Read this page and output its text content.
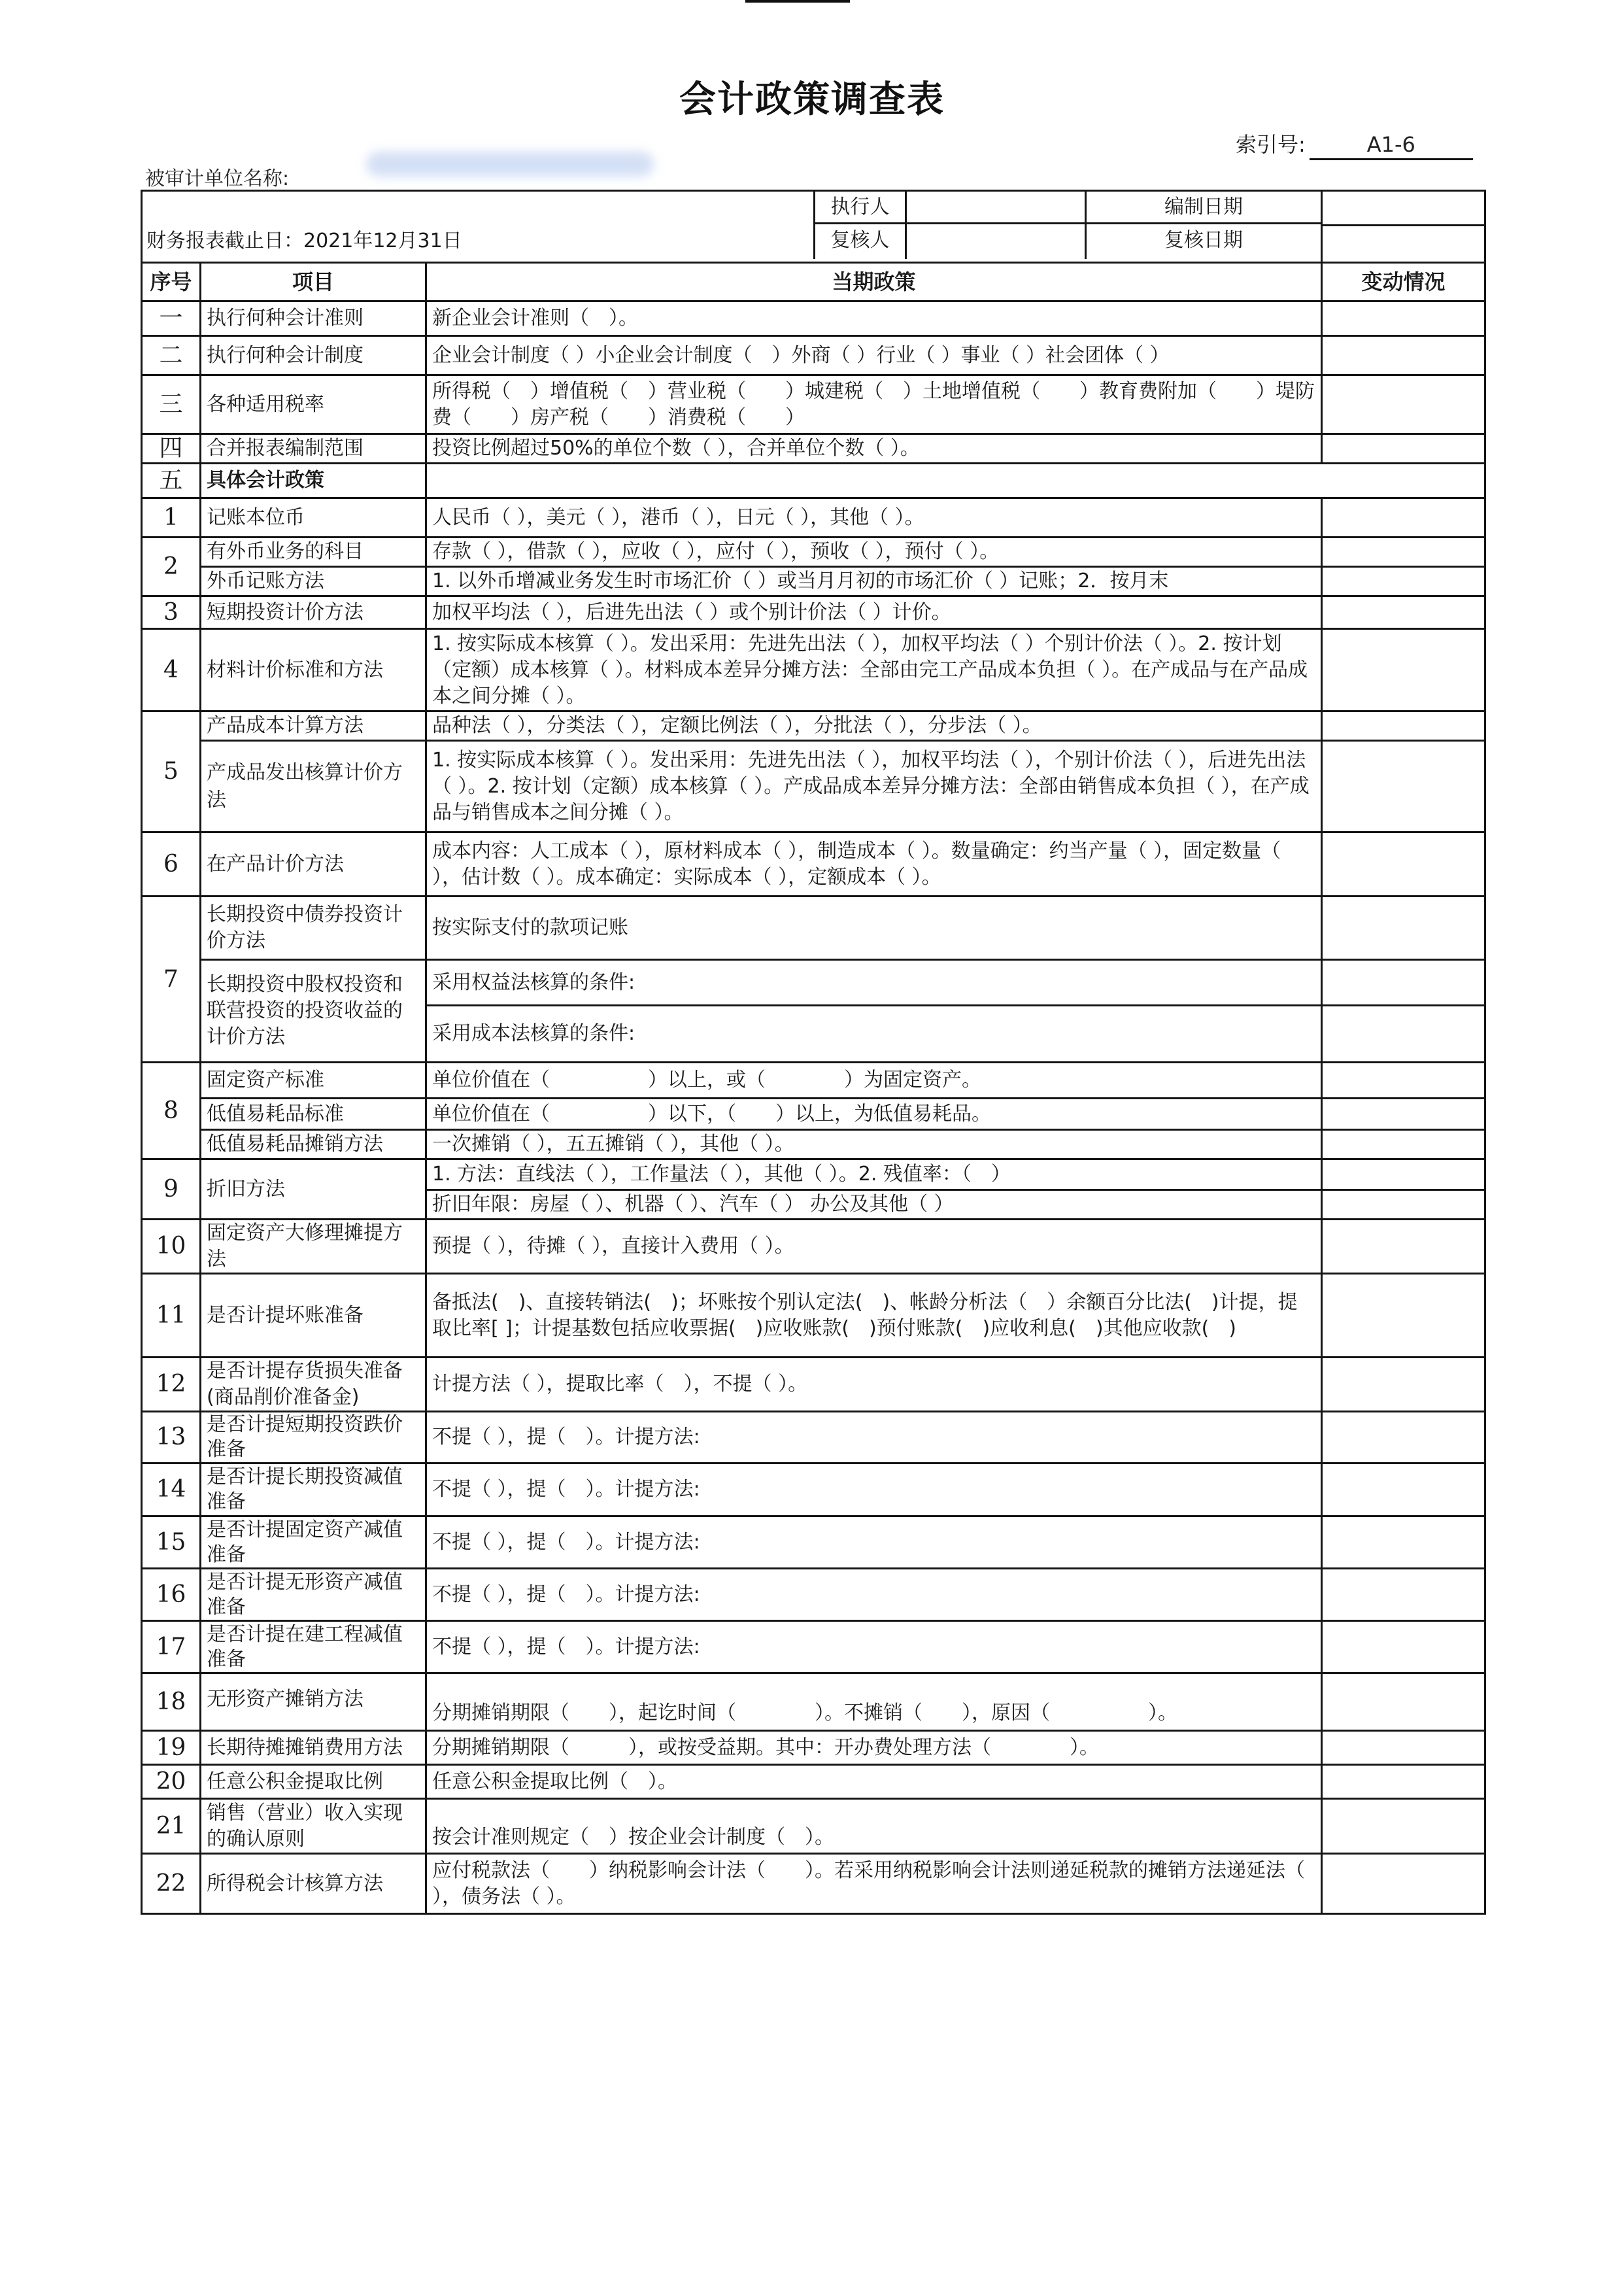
会计政策调查表
索引号:	A1-6
被审计单位名称:
财务报表截止日：2021年12月31日
执行人 编制日期
复核人 复核日期			

序号	项目	当期政策	变动情况
一	执行何种会计准则	新企业会计准则（　）。	
二	执行何种会计制度	企业会计制度（ ）小企业会计制度（　）外商（ ）行业（ ）事业（ ）社会团体（ ）	
三	各种适用税率	所得税（　）增值税（　）营业税（　　）城建税（　）土地增值税（　　）教育费附加（　　）堤防费（　　）房产税（　　）消费税（　　）	
四	合并报表编制范围	投资比例超过50%的单位个数（ ），合并单位个数（ ）。	
五	具体会计政策		
1	记账本位币	人民币（ ），美元（ ），港币（ ），日元（ ），其他（ ）。	
2	有外币业务的科目	存款（ ），借款（ ），应收（ ），应付（ ），预收（ ），预付（ ）。	
	外币记账方法	1. 以外币增减业务发生时市场汇价（ ）或当月月初的市场汇价（ ）记账；2．按月末	
3	短期投资计价方法	加权平均法（ ），后进先出法（ ）或个别计价法（ ）计价。	
4	材料计价标准和方法	1. 按实际成本核算（ ）。发出采用：先进先出法（ ），加权平均法（ ）个别计价法（ ）。2. 按计划（定额）成本核算（ ）。材料成本差异分摊方法：全部由完工产品成本负担（ ）。在产成品与在产品成本之间分摊（ ）。	
5	产品成本计算方法	品种法（ ），分类法（ ），定额比例法（ ），分批法（ ），分步法（ ）。	
	产成品发出核算计价方法	1. 按实际成本核算（ ）。发出采用：先进先出法（ ），加权平均法（ ），个别计价法（ ），后进先出法（ ）。2. 按计划（定额）成本核算（ ）。产成品成本差异分摊方法：全部由销售成本负担（ ），在产成品与销售成本之间分摊（ ）。	
6	在产品计价方法	成本内容：人工成本（ ），原材料成本（ ），制造成本（ ）。数量确定：约当产量（ ），固定数量（ ），估计数（ ）。成本确定：实际成本（ ），定额成本（ ）。	
7	长期投资中债券投资计价方法	按实际支付的款项记账	
	长期投资中股权投资和联营投资的投资收益的计价方法	采用权益法核算的条件:	
		采用成本法核算的条件:	
8	固定资产标准	单位价值在（　　　　　）以上，或（　　　　）为固定资产。	
	低值易耗品标准	单位价值在（　　　　　）以下，（　　）以上，为低值易耗品。	
	低值易耗品摊销方法	一次摊销（ ），五五摊销（ ），其他（ ）。	
9	折旧方法	1. 方法：直线法（ ），工作量法（ ），其他（ ）。2. 残值率：（　）	
		折旧年限：房屋（ ）、机器（ ）、汽车（ ） 办公及其他（ ）	
10	固定资产大修理摊提方法	预提（ ），待摊（ ），直接计入费用（ ）。	
11	是否计提坏账准备	备抵法(　)、直接转销法(　)；坏账按个别认定法(　)、帐龄分析法（　）余额百分比法(　)计提，提取比率[ ]；计提基数包括应收票据(　)应收账款(　)预付账款(　)应收利息(　)其他应收款(　)	
12	是否计提存货损失准备(商品削价准备金)	计提方法（ ），提取比率（　），不提（ ）。	
13	是否计提短期投资跌价准备	不提（ ），提（　）。计提方法:	
14	是否计提长期投资减值准备	不提（ ），提（　）。计提方法:	
15	是否计提固定资产减值准备	不提（ ），提（　）。计提方法:	
16	是否计提无形资产减值准备	不提（ ），提（　）。计提方法:	
17	是否计提在建工程减值准备	不提（ ），提（　）。计提方法:	
18	无形资产摊销方法	分期摊销期限（　　），起讫时间（　　　　）。不摊销（　　），原因（　　　　　）。	
19	长期待摊摊销费用方法	分期摊销期限（　　　），或按受益期。其中：开办费处理方法（　　　　）。	
20	任意公积金提取比例	任意公积金提取比例（　）。	
21	销售（营业）收入实现的确认原则	按会计准则规定（　）按企业会计制度（　）。	
22	所得税会计核算方法	应付税款法（　　）纳税影响会计法（　　）。若采用纳税影响会计法则递延税款的摊销方法递延法（ ），债务法（ ）。	
